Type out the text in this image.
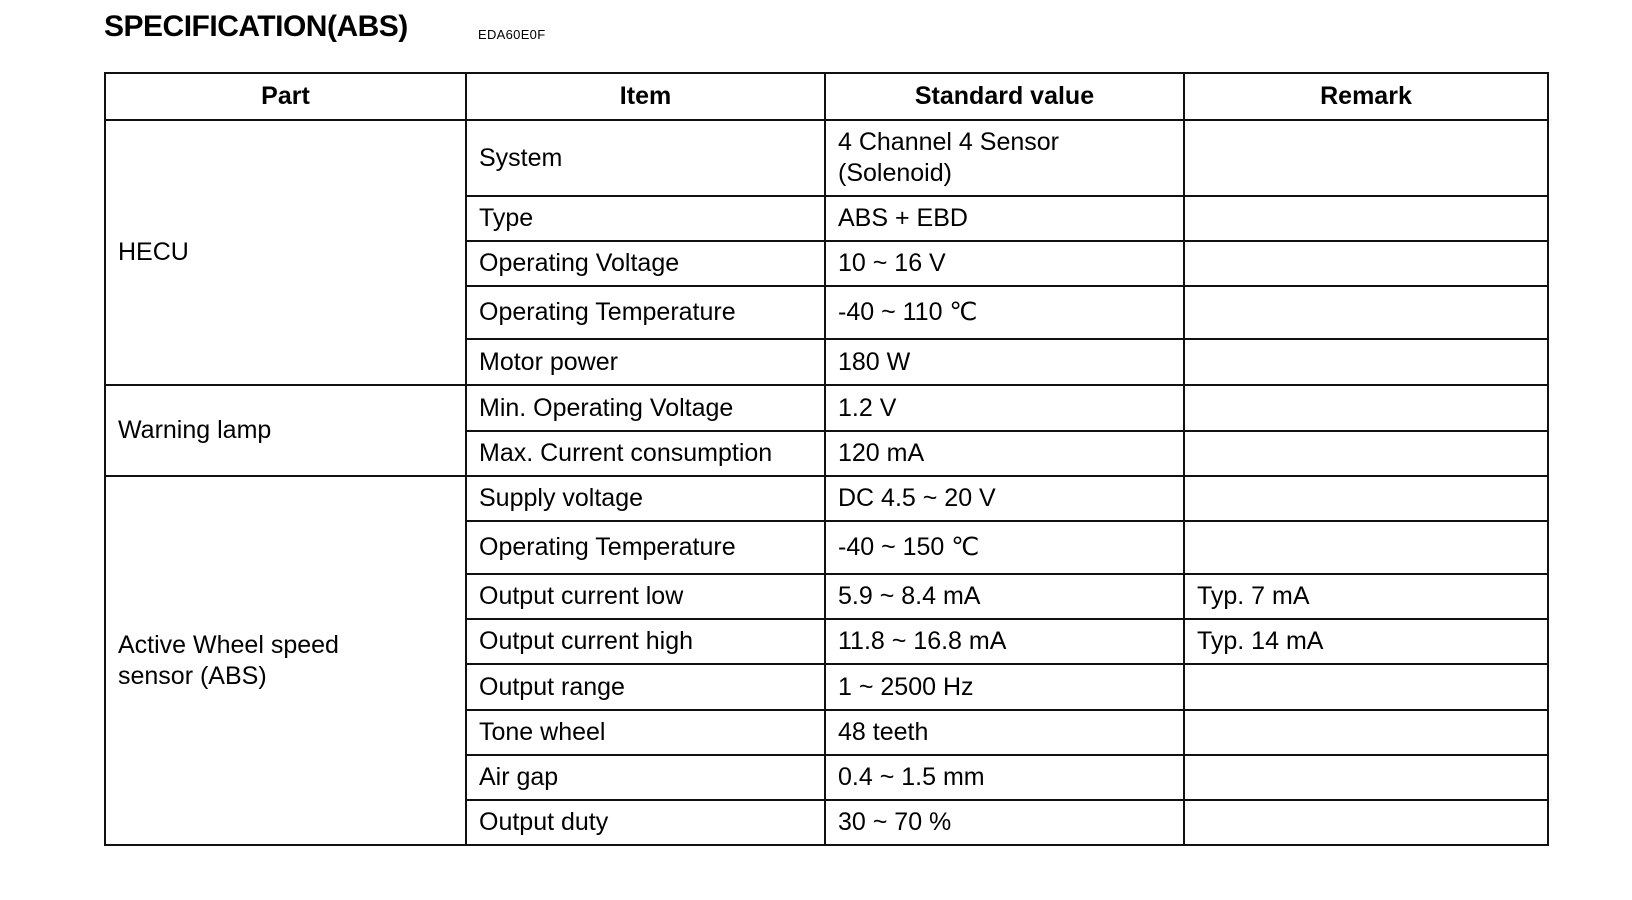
SPECIFICATION(ABS)	EDA60E0F
Part	Item	Standard value	Remark
HECU	System	4 Channel 4 Sensor
(Solenoid)	
	Type	ABS + EBD	
	Operating Voltage	10 ~ 16 V	
	Operating Temperature	-40 ~ 110 ℃	
	Motor power	180 W	
Warning lamp	Min. Operating Voltage	1.2 V	
	Max. Current consumption	120 mA	
Active Wheel speed
sensor (ABS)	Supply voltage	DC 4.5 ~ 20 V	
	Operating Temperature	-40 ~ 150 ℃	
	Output current low	5.9 ~ 8.4 mA	Typ. 7 mA
	Output current high	11.8 ~ 16.8 mA	Typ. 14 mA
	Output range	1 ~ 2500 Hz	
	Tone wheel	48 teeth	
	Air gap	0.4 ~ 1.5 mm	
	Output duty	30 ~ 70 %	
